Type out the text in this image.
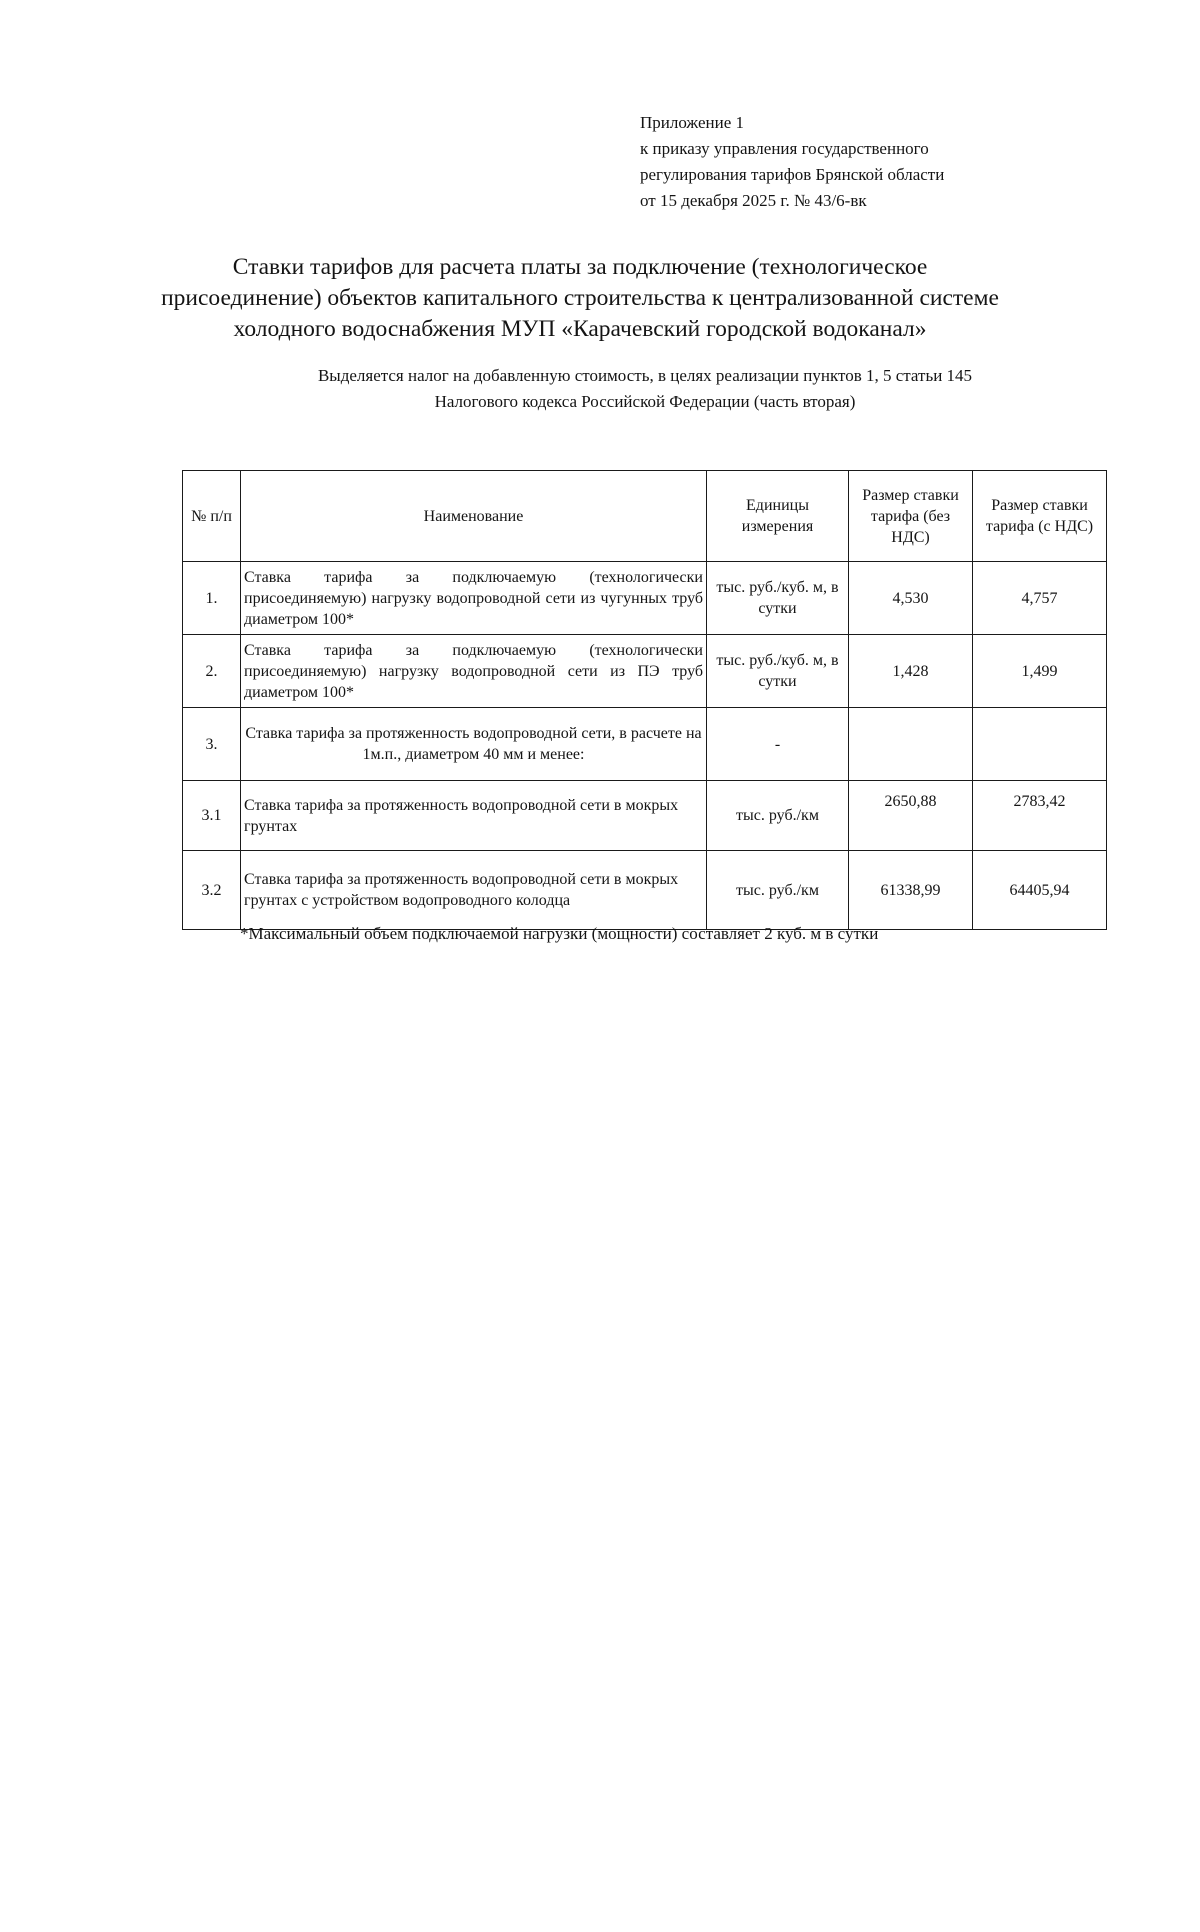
Приложение 1
к приказу управления государственного
регулирования тарифов Брянской области
от 15 декабря 2025 г. № 43/6-вк
Ставки тарифов для расчета платы за подключение (технологическое присоединение) объектов капитального строительства к централизованной системе холодного водоснабжения МУП «Карачевский городской водоканал»
Выделяется налог на добавленную стоимость, в целях реализации пунктов 1, 5 статьи 145
Налогового кодекса Российской Федерации (часть вторая)
№ п/п	Наименование	Единицы измерения	Размер ставки тарифа (без НДС)	Размер ставки тарифа (с НДС)
1.	Ставка тарифа за подключаемую (технологически присоединяемую) нагрузку водопроводной сети из чугунных труб диаметром 100*	тыс. руб./куб. м, в сутки	4,530	4,757
2.	Ставка тарифа за подключаемую (технологически присоединяемую) нагрузку водопроводной сети из ПЭ труб диаметром 100*	тыс. руб./куб. м, в сутки	1,428	1,499
3.	Ставка тарифа за протяженность водопроводной сети, в расчете на 1м.п., диаметром 40 мм и менее:	-		
3.1	Ставка тарифа за протяженность водопроводной сети в мокрых грунтах	тыс. руб./км	2650,88	2783,42
3.2	Ставка тарифа за протяженность водопроводной сети в мокрых грунтах с устройством водопроводного колодца	тыс. руб./км	61338,99	64405,94
*Максимальный объем подключаемой нагрузки (мощности) составляет 2 куб. м в сутки
